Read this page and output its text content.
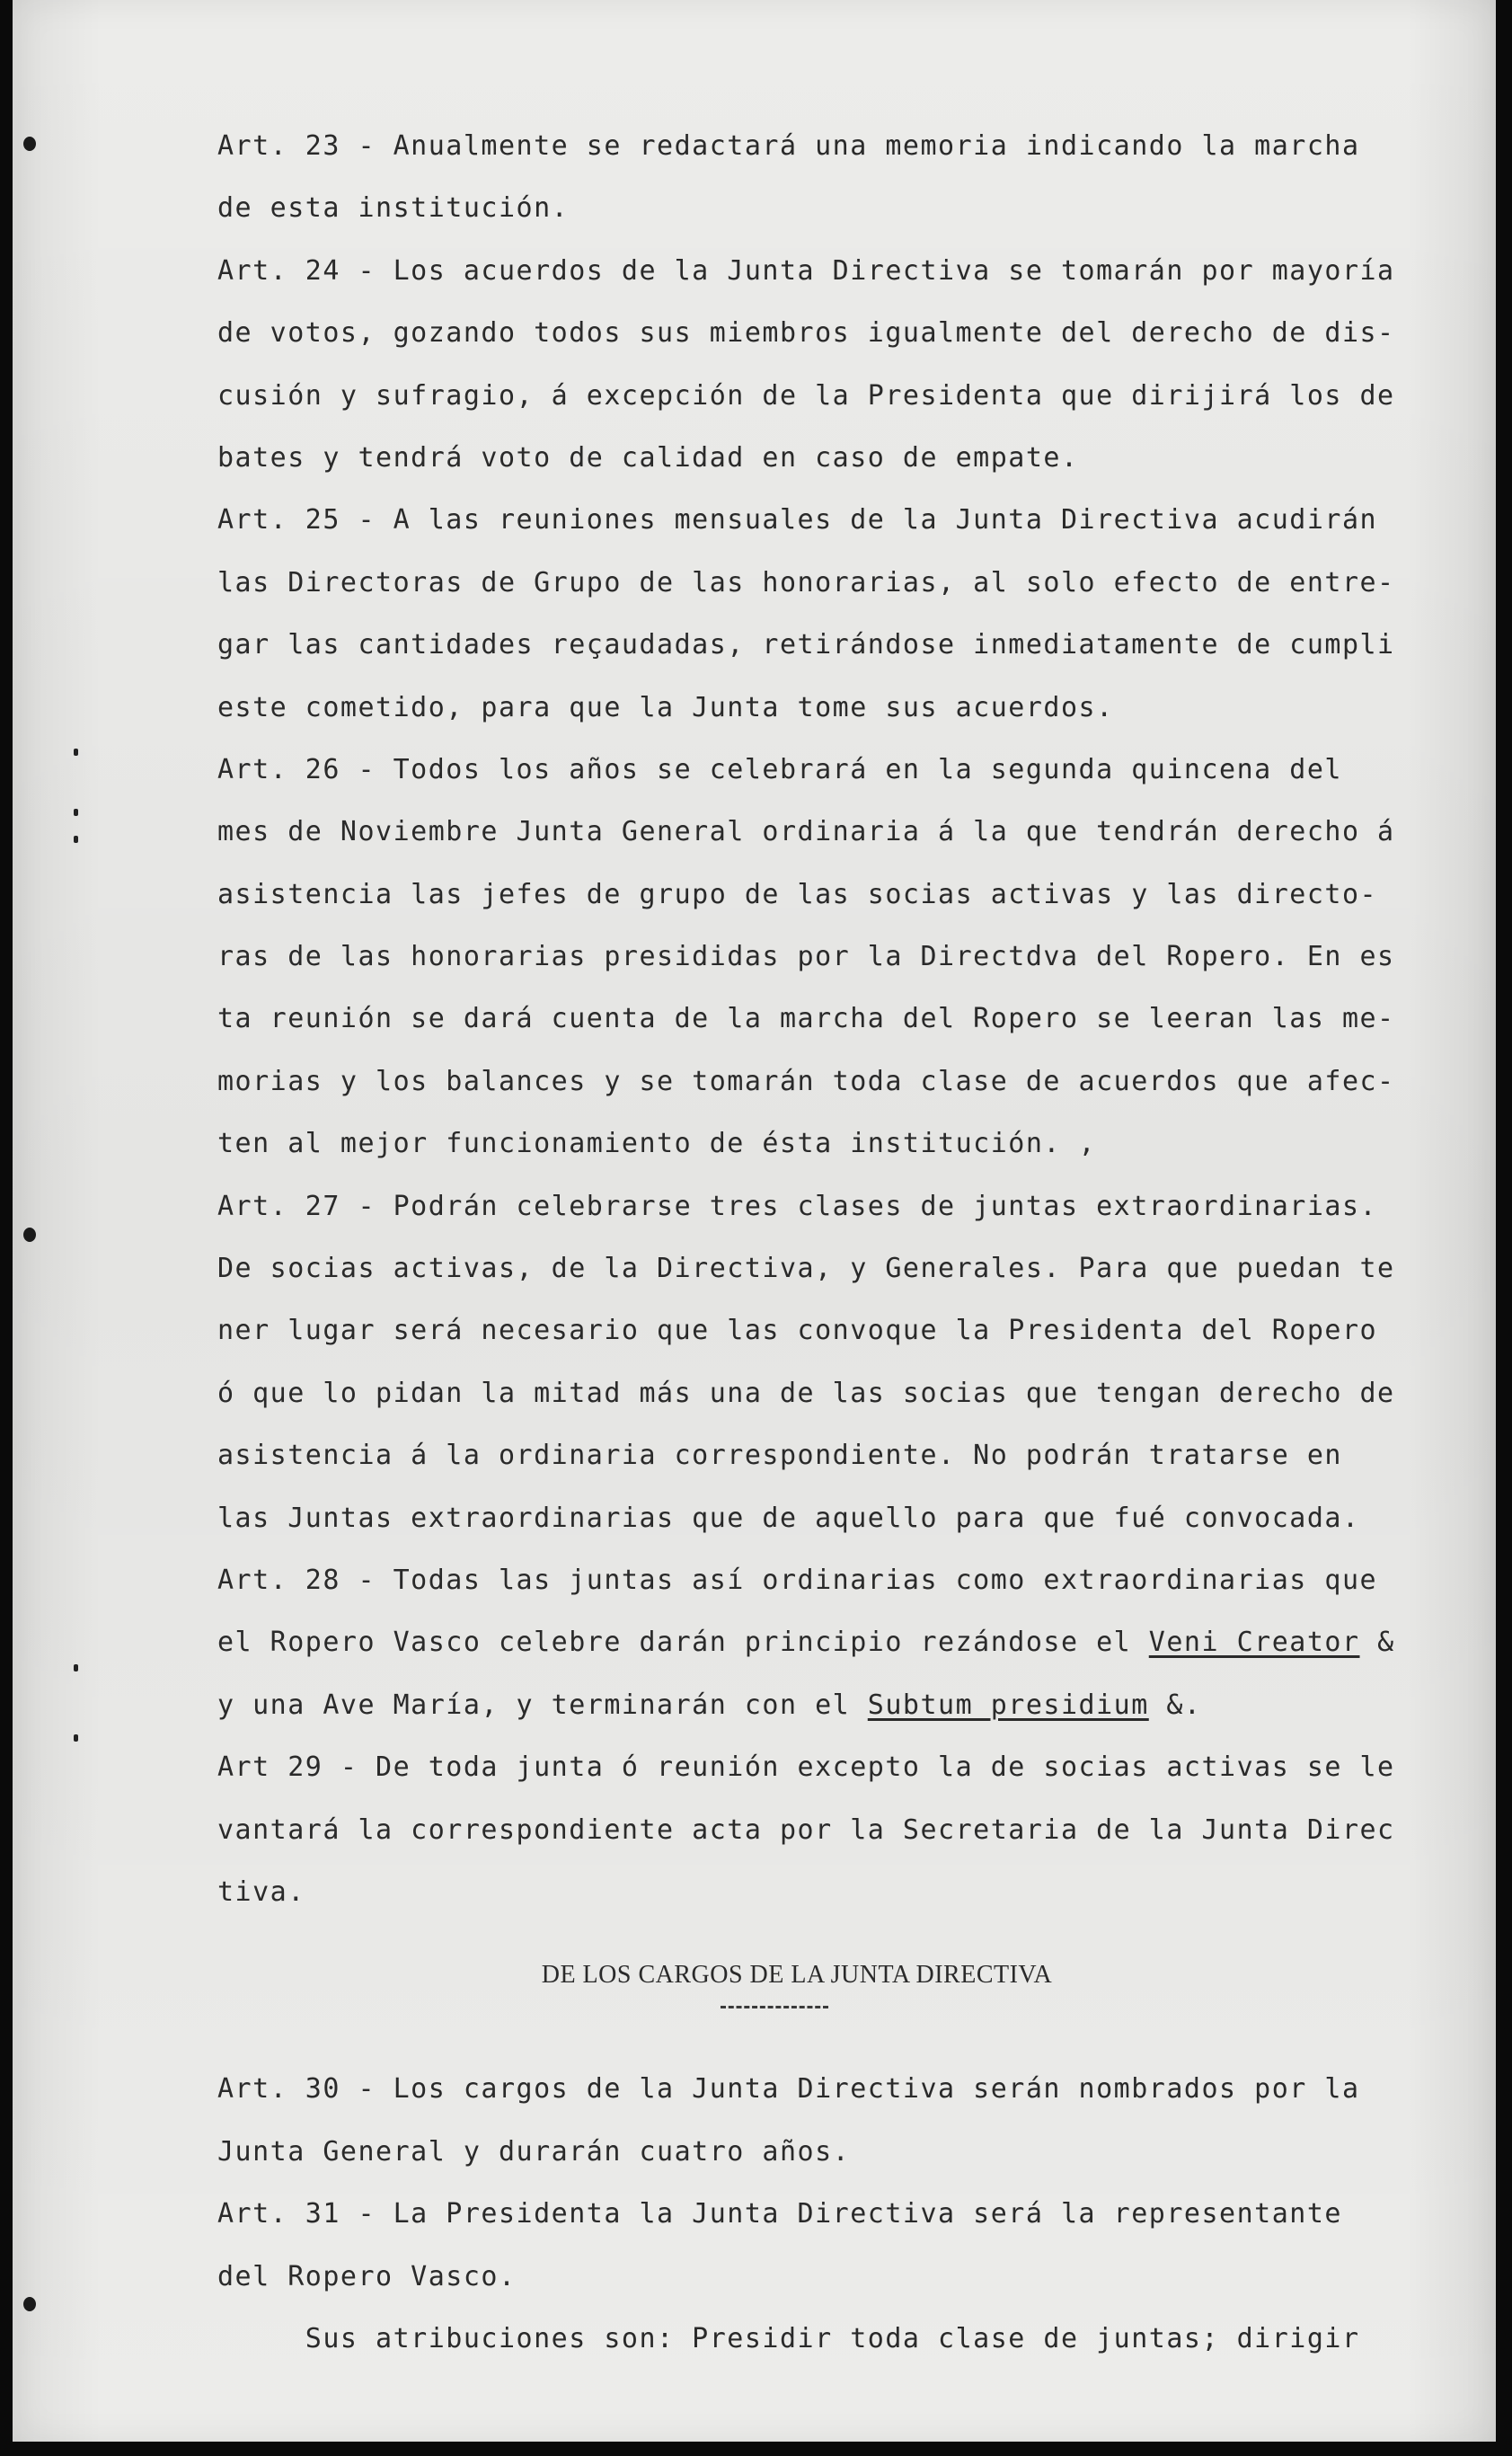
Art. 23 - Anualmente se redactará una memoria indicando la marcha
de esta institución.
Art. 24 - Los acuerdos de la Junta Directiva se tomarán por mayoría
de votos, gozando todos sus miembros igualmente del derecho de dis-
cusión y sufragio, á excepción de la Presidenta que dirijirá los de
bates y tendrá voto de calidad en caso de empate.
Art. 25 - A las reuniones mensuales de la Junta Directiva acudirán
las Directoras de Grupo de las honorarias, al solo efecto de entre-
gar las cantidades reçaudadas, retirándose inmediatamente de cumpli
este cometido, para que la Junta tome sus acuerdos.
Art. 26 - Todos los años se celebrará en la segunda quincena del
mes de Noviembre Junta General ordinaria á la que tendrán derecho á
asistencia las jefes de grupo de las socias activas y las directo-
ras de las honorarias presididas por la Directdva del Ropero. En es
ta reunión se dará cuenta de la marcha del Ropero se leeran las me-
morias y los balances y se tomarán toda clase de acuerdos que afec-
ten al mejor funcionamiento de ésta institución. ,
Art. 27 - Podrán celebrarse tres clases de juntas extraordinarias.
De socias activas, de la Directiva, y Generales. Para que puedan te
ner lugar será necesario que las convoque la Presidenta del Ropero
ó que lo pidan la mitad más una de las socias que tengan derecho de
asistencia á la ordinaria correspondiente. No podrán tratarse en
las Juntas extraordinarias que de aquello para que fué convocada.
Art. 28 - Todas las juntas así ordinarias como extraordinarias que
el Ropero Vasco celebre darán principio rezándose el Veni Creator &
y una Ave María, y terminarán con el Subtum presidium &.
Art 29 - De toda junta ó reunión excepto la de socias activas se le
vantará la correspondiente acta por la Secretaria de la Junta Direc
tiva.
DE LOS CARGOS DE LA JUNTA DIRECTIVA
Art. 30 - Los cargos de la Junta Directiva serán nombrados por la
Junta General y durarán cuatro años.
Art. 31 - La Presidenta la Junta Directiva será la representante
del Ropero Vasco.
Sus atribuciones son: Presidir toda clase de juntas; dirigir
